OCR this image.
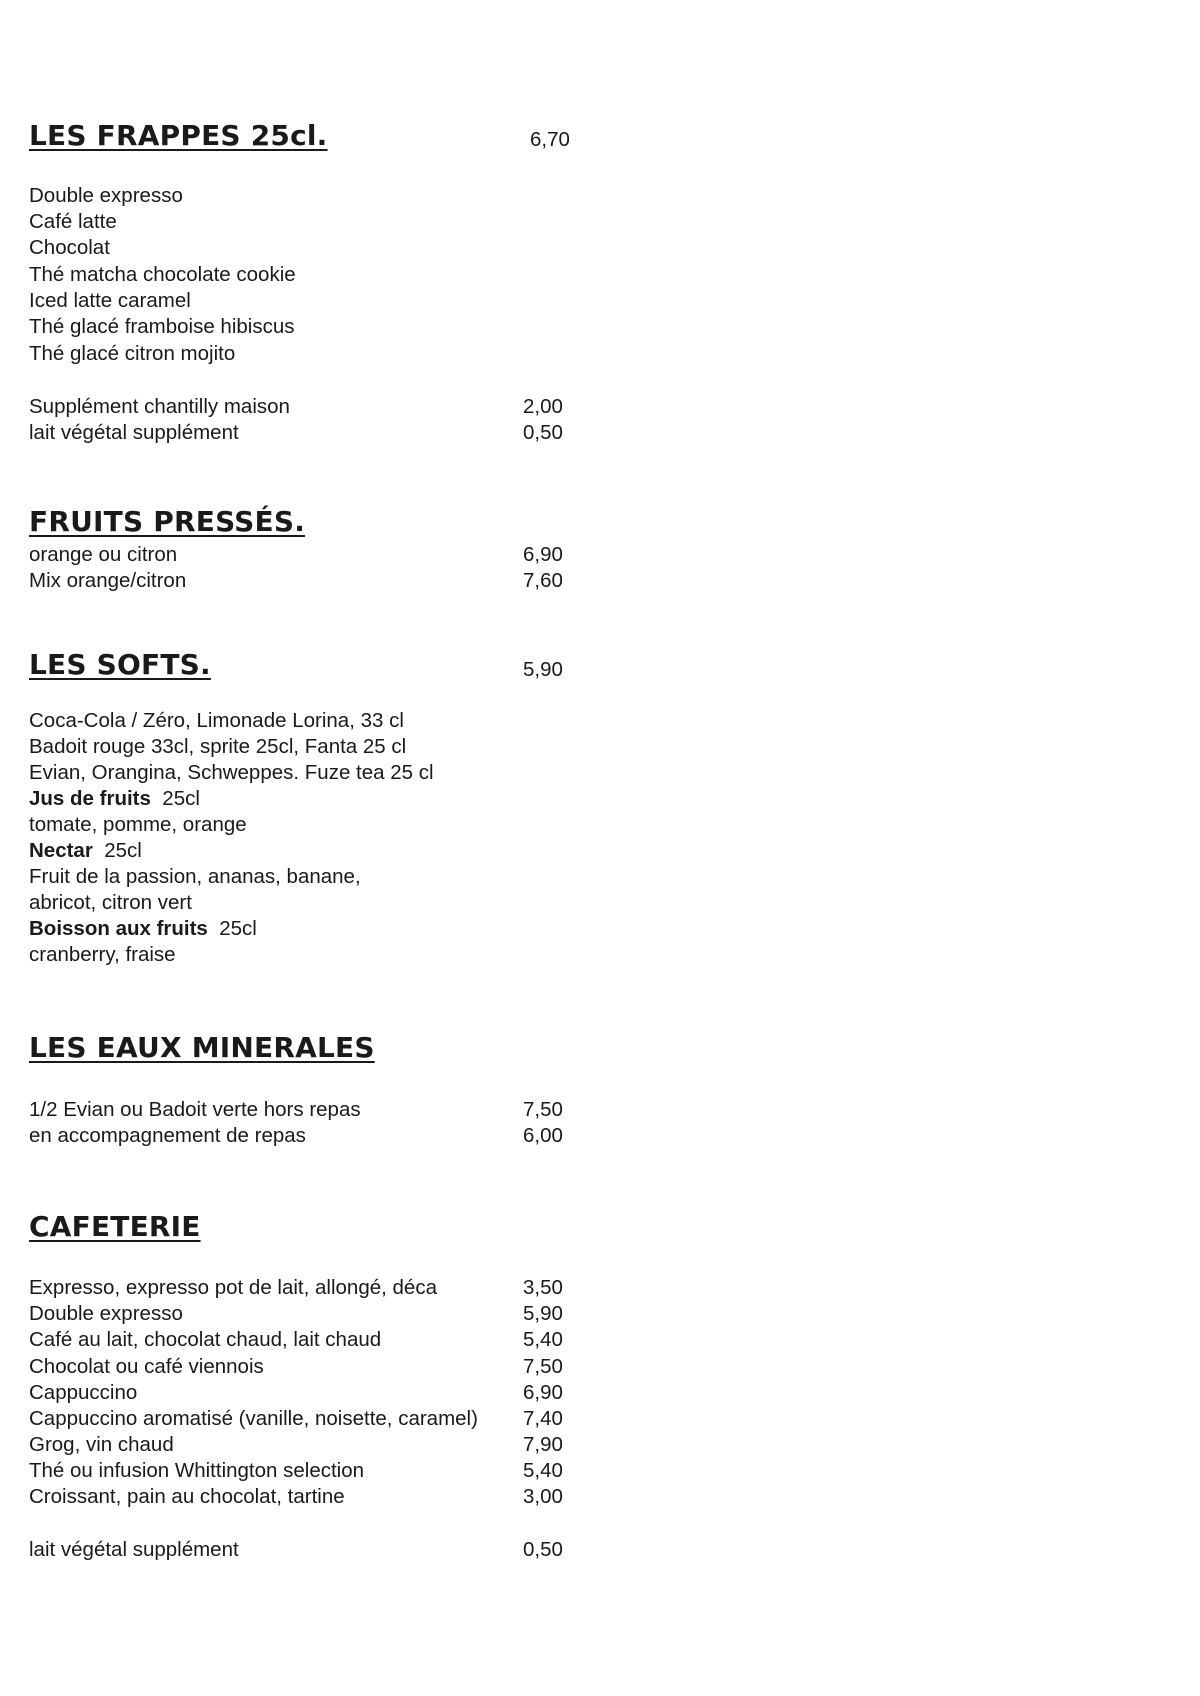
LES FRAPPES 25cl.	6,70
Double expresso
Café latte
Chocolat
Thé matcha chocolate cookie
Iced latte caramel
Thé glacé framboise hibiscus
Thé glacé citron mojito
Supplément chantilly maison	2,00
lait végétal supplément	0,50
FRUITS PRESSÉS.
orange ou citron	6,90
Mix orange/citron	7,60
LES SOFTS.	5,90
Coca-Cola / Zéro, Limonade Lorina, 33 cl
Badoit rouge 33cl, sprite 25cl, Fanta 25 cl
Evian, Orangina, Schweppes. Fuze tea 25 cl
Jus de fruits 25cl
tomate, pomme, orange
Nectar 25cl
Fruit de la passion, ananas, banane,
abricot, citron vert
Boisson aux fruits 25cl
cranberry, fraise
LES EAUX MINERALES
1/2 Evian ou Badoit verte hors repas	7,50
en accompagnement de repas	6,00
CAFETERIE
Expresso, expresso pot de lait, allongé, déca	3,50
Double expresso	5,90
Café au lait, chocolat chaud, lait chaud	5,40
Chocolat ou café viennois	7,50
Cappuccino	6,90
Cappuccino aromatisé (vanille, noisette, caramel) 7,40
Grog, vin chaud	7,90
Thé ou infusion Whittington selection	5,40
Croissant, pain au chocolat, tartine	3,00
lait végétal supplément	0,50
